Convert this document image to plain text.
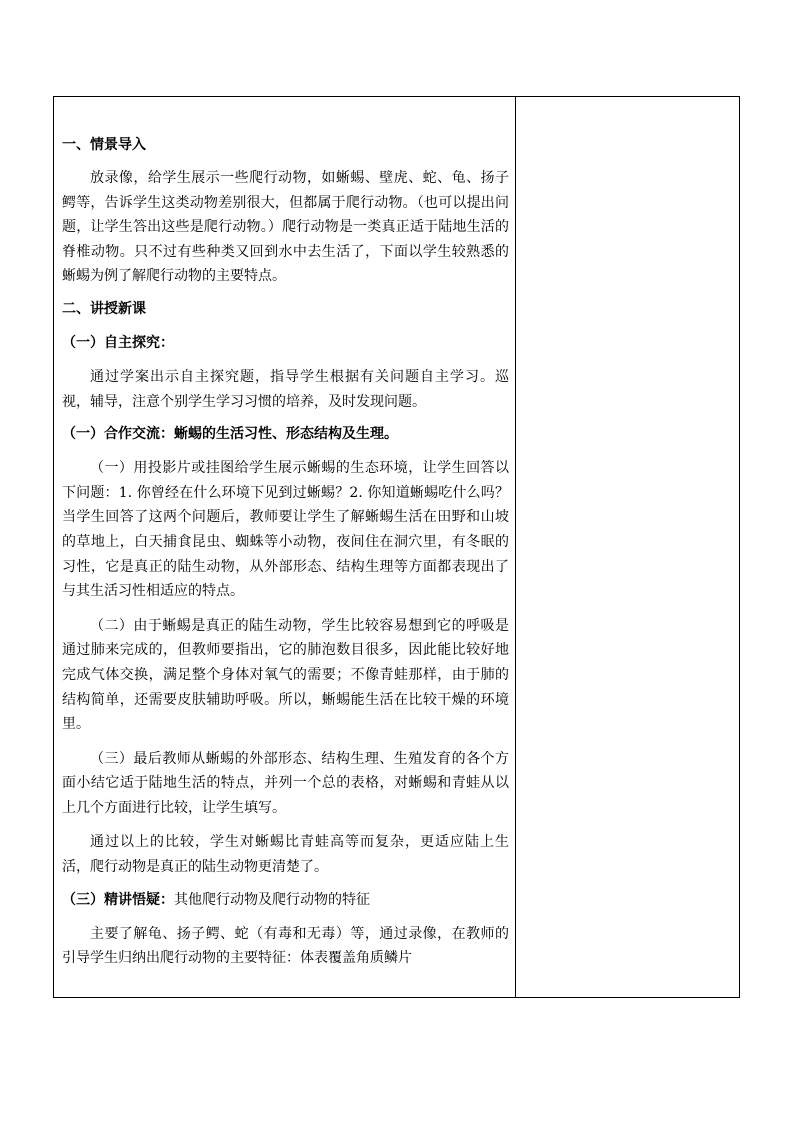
一、情景导入

放录像，给学生展示一些爬行动物，如蜥蜴、壁虎、蛇、龟、扬子鳄等，告诉学生这类动物差别很大，但都属于爬行动物。（也可以提出问题，让学生答出这些是爬行动物。）爬行动物是一类真正适于陆地生活的脊椎动物。只不过有些种类又回到水中去生活了，下面以学生较熟悉的蜥蜴为例了解爬行动物的主要特点。

二、讲授新课

（一）自主探究：

通过学案出示自主探究题，指导学生根据有关问题自主学习。巡视，辅导，注意个别学生学习习惯的培养，及时发现问题。

（一）合作交流：蜥蜴的生活习性、形态结构及生理。

（一）用投影片或挂图给学生展示蜥蜴的生态环境，让学生回答以下问题：1. 你曾经在什么环境下见到过蜥蜴？2. 你知道蜥蜴吃什么吗？当学生回答了这两个问题后，教师要让学生了解蜥蜴生活在田野和山坡的草地上，白天捕食昆虫、蜘蛛等小动物，夜间住在洞穴里，有冬眠的习性，它是真正的陆生动物，从外部形态、结构生理等方面都表现出了与其生活习性相适应的特点。

（二）由于蜥蜴是真正的陆生动物，学生比较容易想到它的呼吸是通过肺来完成的，但教师要指出，它的肺泡数目很多，因此能比较好地完成气体交换，满足整个身体对氧气的需要；不像青蛙那样，由于肺的结构简单，还需要皮肤辅助呼吸。所以，蜥蜴能生活在比较干燥的环境里。

（三）最后教师从蜥蜴的外部形态、结构生理、生殖发育的各个方面小结它适于陆地生活的特点，并列一个总的表格，对蜥蜴和青蛙从以上几个方面进行比较，让学生填写。

通过以上的比较，学生对蜥蜴比青蛙高等而复杂，更适应陆上生活，爬行动物是真正的陆生动物更清楚了。

（三）精讲悟疑：其他爬行动物及爬行动物的特征

主要了解龟、扬子鳄、蛇（有毒和无毒）等，通过录像，在教师的引导学生归纳出爬行动物的主要特征：体表覆盖角质鳞片
